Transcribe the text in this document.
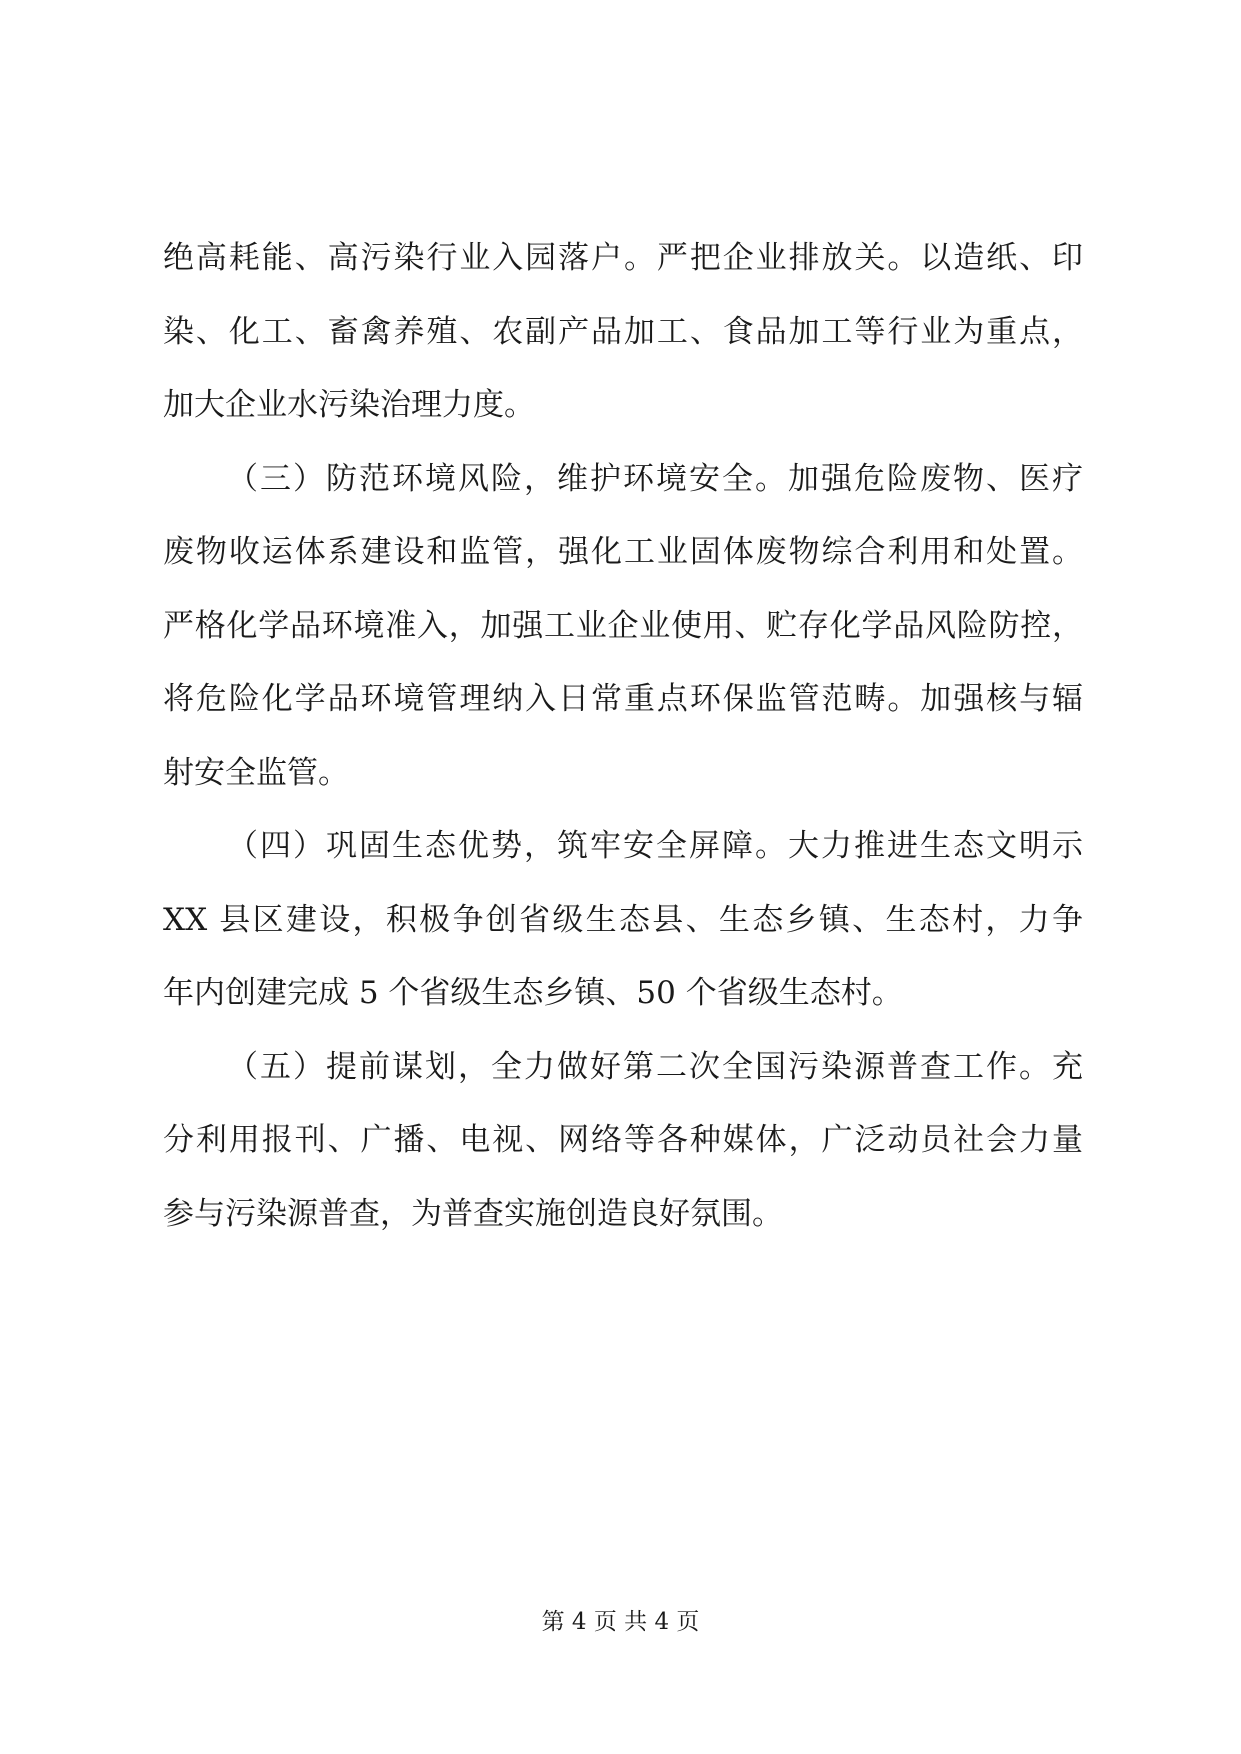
绝高耗能、高污染行业入园落户。严把企业排放关。以造纸、印
染、化工、畜禽养殖、农副产品加工、食品加工等行业为重点，
加大企业水污染治理力度。
（三）防范环境风险，维护环境安全。加强危险废物、医疗
废物收运体系建设和监管，强化工业固体废物综合利用和处置。
严格化学品环境准入，加强工业企业使用、贮存化学品风险防控，
将危险化学品环境管理纳入日常重点环保监管范畴。加强核与辐
射安全监管。
（四）巩固生态优势，筑牢安全屏障。大力推进生态文明示
XX 县区建设，积极争创省级生态县、生态乡镇、生态村，力争
年内创建完成 5 个省级生态乡镇、50 个省级生态村。
（五）提前谋划，全力做好第二次全国污染源普查工作。充
分利用报刊、广播、电视、网络等各种媒体，广泛动员社会力量
参与污染源普查，为普查实施创造良好氛围。
第 4 页 共 4 页
